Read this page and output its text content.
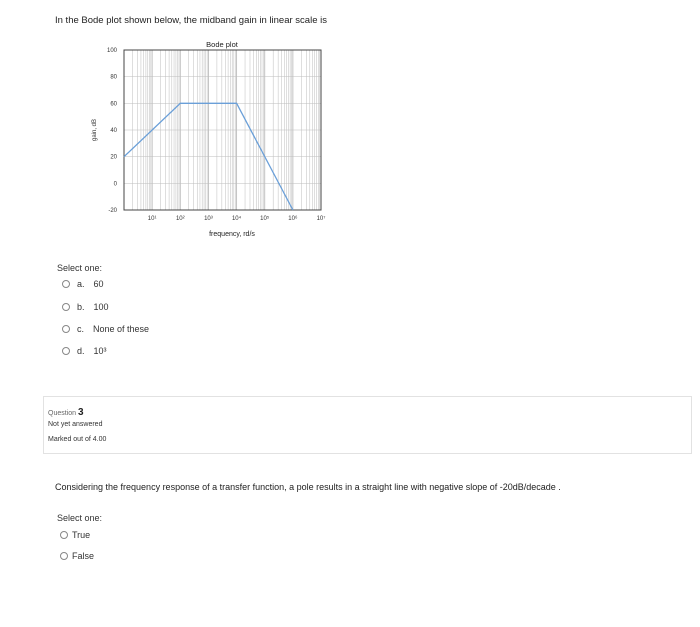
In the Bode plot shown below, the midband gain in linear scale is
Bode plot
100
80
60
40
20
0
-20
10¹	10²	10³	10⁴	10⁵	10⁶	10⁷
gain, dB
frequency, rd/s
Select one:
a. 60
b. 100
c. None of these
d. 10³
Question 3
Not yet answered
Marked out of 4.00
Considering the frequency response of a transfer function, a pole results in a straight line with negative slope of -20dB/decade .
Select one:
True
False
